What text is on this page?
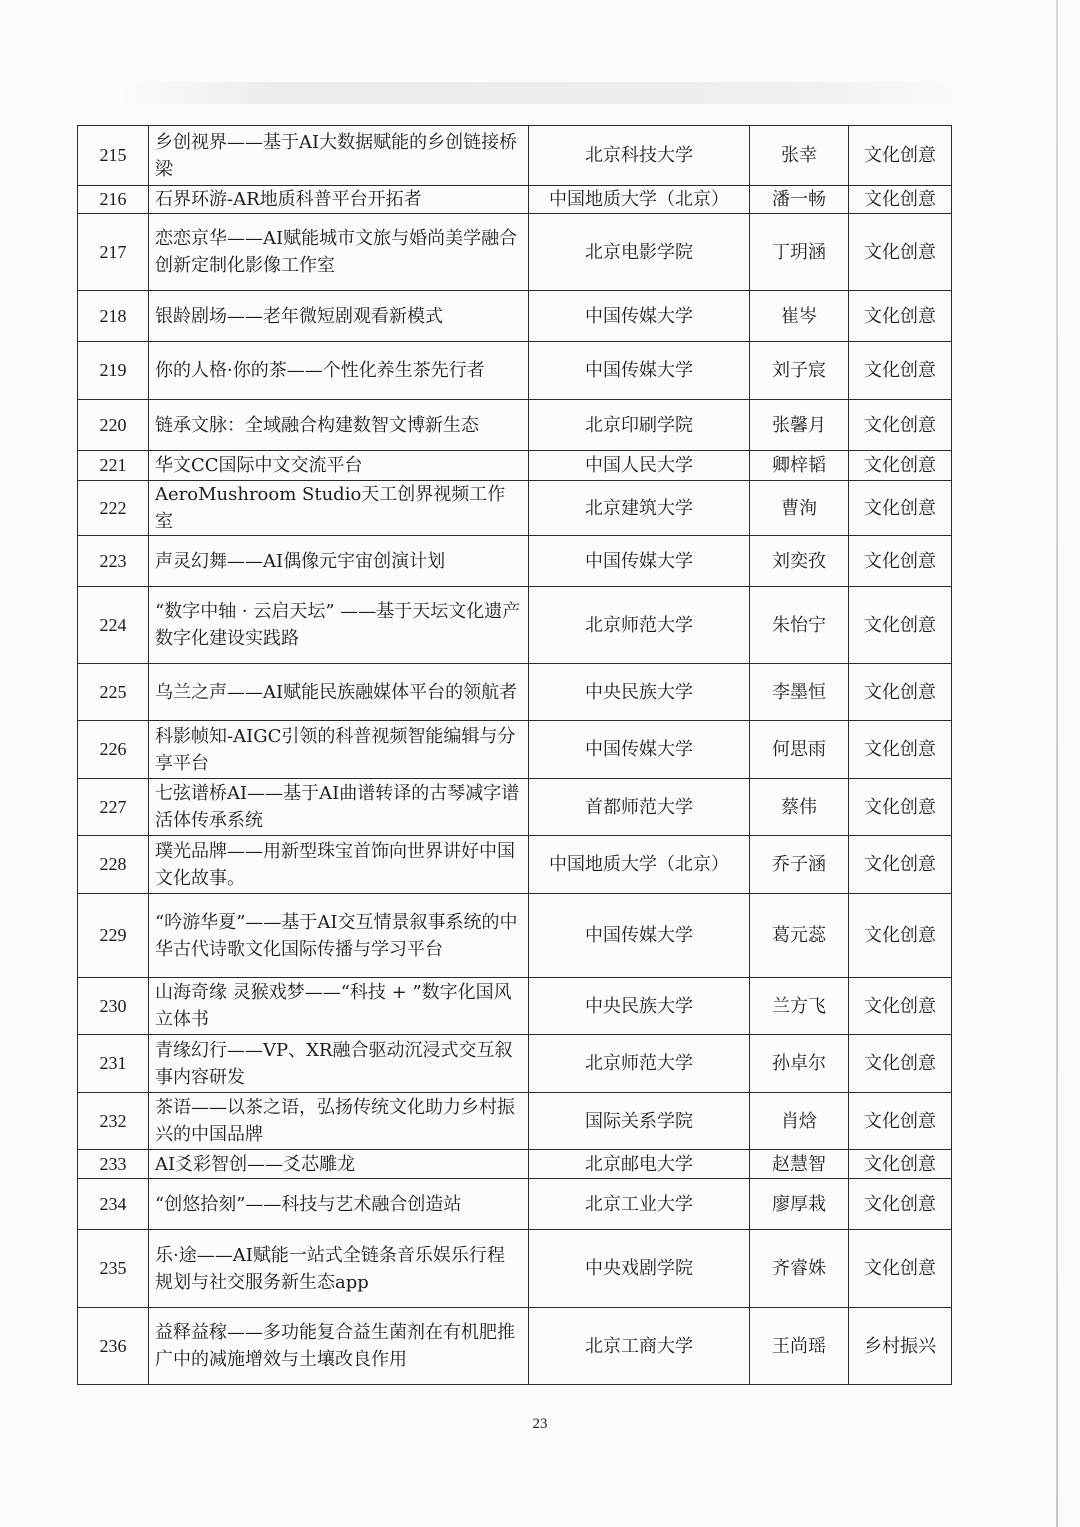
215	乡创视界——基于AI大数据赋能的乡创链接桥梁	北京科技大学	张幸	文化创意
216	石界环游-AR地质科普平台开拓者	中国地质大学（北京）	潘一畅	文化创意
217	恋恋京华——AI赋能城市文旅与婚尚美学融合创新定制化影像工作室	北京电影学院	丁玥涵	文化创意
218	银龄剧场——老年微短剧观看新模式	中国传媒大学	崔岑	文化创意
219	你的人格·你的茶——个性化养生茶先行者	中国传媒大学	刘子宸	文化创意
220	链承文脉：全域融合构建数智文博新生态	北京印刷学院	张馨月	文化创意
221	华文CC国际中文交流平台	中国人民大学	卿梓韬	文化创意
222	AeroMushroom Studio天工创界视频工作室	北京建筑大学	曹洵	文化创意
223	声灵幻舞——AI偶像元宇宙创演计划	中国传媒大学	刘奕孜	文化创意
224	“数字中轴 · 云启天坛” ——基于天坛文化遗产数字化建设实践路	北京师范大学	朱怡宁	文化创意
225	乌兰之声——AI赋能民族融媒体平台的领航者	中央民族大学	李墨恒	文化创意
226	科影帧知-AIGC引领的科普视频智能编辑与分享平台	中国传媒大学	何思雨	文化创意
227	七弦谱桥AI——基于AI曲谱转译的古琴减字谱活体传承系统	首都师范大学	蔡伟	文化创意
228	璞光品牌——用新型珠宝首饰向世界讲好中国文化故事。	中国地质大学（北京）	乔子涵	文化创意
229	“吟游华夏”——基于AI交互情景叙事系统的中华古代诗歌文化国际传播与学习平台	中国传媒大学	葛元蕊	文化创意
230	山海奇缘 灵猴戏梦——“科技 + ”数字化国风立体书	中央民族大学	兰方飞	文化创意
231	青缘幻行——VP、XR融合驱动沉浸式交互叙事内容研发	北京师范大学	孙卓尔	文化创意
232	茶语——以茶之语，弘扬传统文化助力乡村振兴的中国品牌	国际关系学院	肖焓	文化创意
233	AI爻彩智创——爻芯雕龙	北京邮电大学	赵慧智	文化创意
234	“创悠拾刻”——科技与艺术融合创造站	北京工业大学	廖厚栽	文化创意
235	乐·途——AI赋能一站式全链条音乐娱乐行程规划与社交服务新生态app	中央戏剧学院	齐睿姝	文化创意
236	益释益稼——多功能复合益生菌剂在有机肥推广中的减施增效与土壤改良作用	北京工商大学	王尚瑶	乡村振兴
23
